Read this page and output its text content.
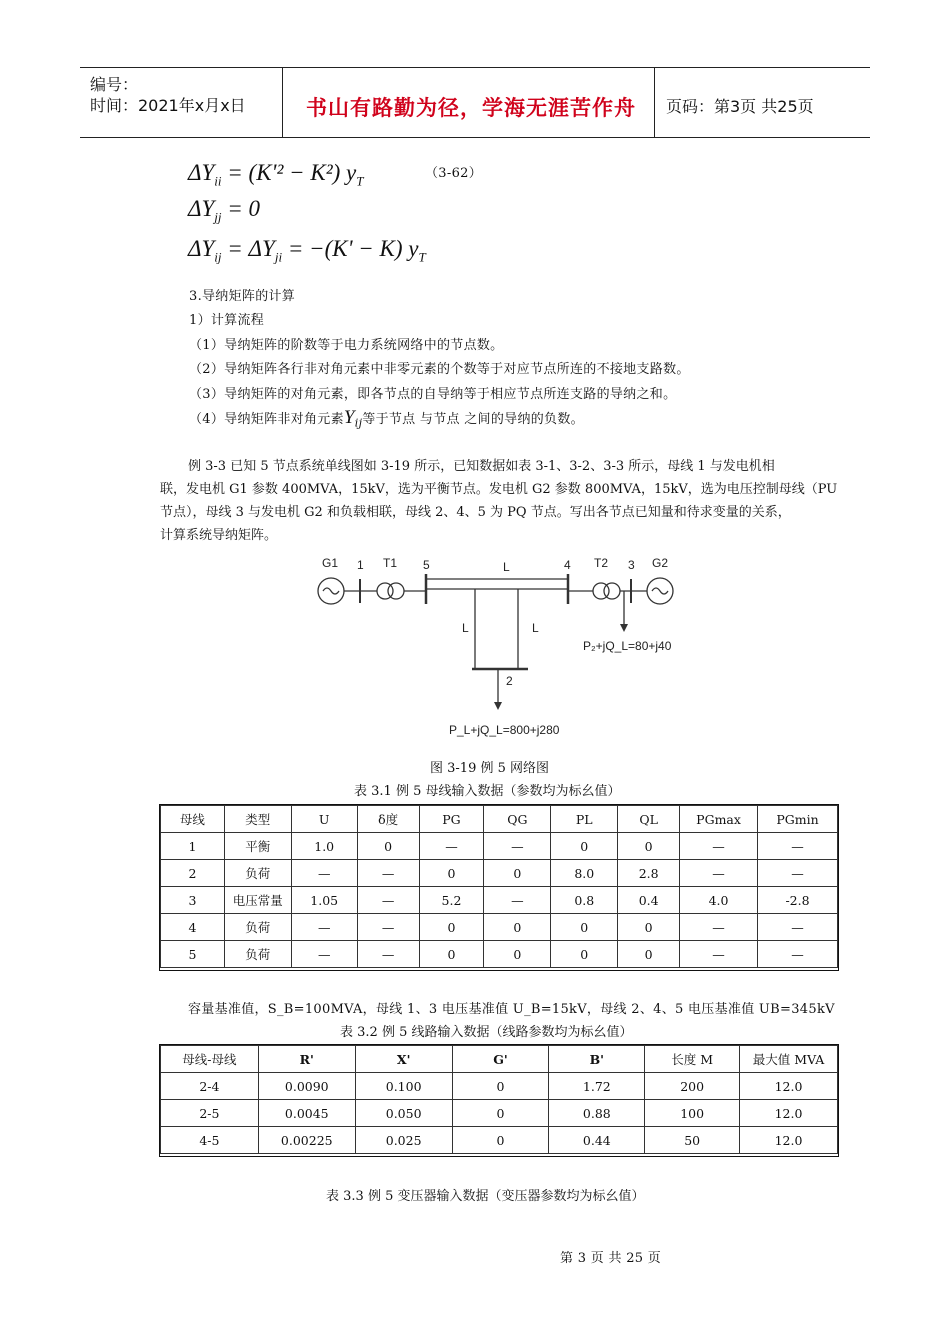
编号：
时间：2021年x月x日	书山有路勤为径，学海无涯苦作舟 页码：第3页 共25页
$\Delta Y_{ii} = (K'^2 - K^2)$ $y_T$
（3-62）
$\Delta Y_{jj} = 0$
$\Delta Y_{ij} = \Delta Y_{ji} = -(K' - K)$ $y_T$
3.导纳矩阵的计算
1）计算流程
（1）导纳矩阵的阶数等于电力系统网络中的节点数。
（2）导纳矩阵各行非对角元素中非零元素的个数等于对应节点所连的不接地支路数。
（3）导纳矩阵的对角元素，即各节点的自导纳等于相应节点所连支路的导纳之和。
（4）导纳矩阵非对角元素$Y_{ij}$等于节点 与节点 之间的导纳的负数。
例 3-3 已知 5 节点系统单线图如 3-19 所示，已知数据如表 3-1、3-2、3-3 所示，母线 1 与发电机相
联，发电机 G1 参数 400MVA，15kV，选为平衡节点。发电机 G2 参数 800MVA，15kV，选为电压控制母线（PU
节点），母线 3 与发电机 G2 和负载相联，母线 2、4、5 为 PQ 节点。写出各节点已知量和待求变量的关系，
计算系统导纳矩阵。
G1 1 T1 5	L	4 T2 3 G2
L	L
2
P₂+jQ_L=80+j40
P_L+jQ_L=800+j280
图 3-19 例 5 网络图
表 3.1 例 5 母线输入数据（参数均为标幺值）
母线	类型	U	δ度	PG	QG	PL	QL	PGmax	PGmin
1	平衡	1.0	0	—	—	0	0	—	—
2	负荷	—	—	0	0	8.0	2.8	—	—
3	电压常量	1.05	—	5.2	—	0.8	0.4	4.0	-2.8
4	负荷	—	—	0	0	0	0	—	—
5	负荷	—	—	0	0	0	0	—	—
容量基准值，S_B=100MVA，母线 1、3 电压基准值 U_B=15kV，母线 2、4、5 电压基准值 UB=345kV
表 3.2 例 5 线路输入数据（线路参数均为标幺值）
母线-母线	R'	X'	G'	B'	长度 M	最大值 MVA
2-4	0.0090	0.100	0	1.72	200	12.0
2-5	0.0045	0.050	0	0.88	100	12.0
4-5	0.00225	0.025	0	0.44	50	12.0
表 3.3 例 5 变压器输入数据（变压器参数均为标幺值）
第 3 页 共 25 页
